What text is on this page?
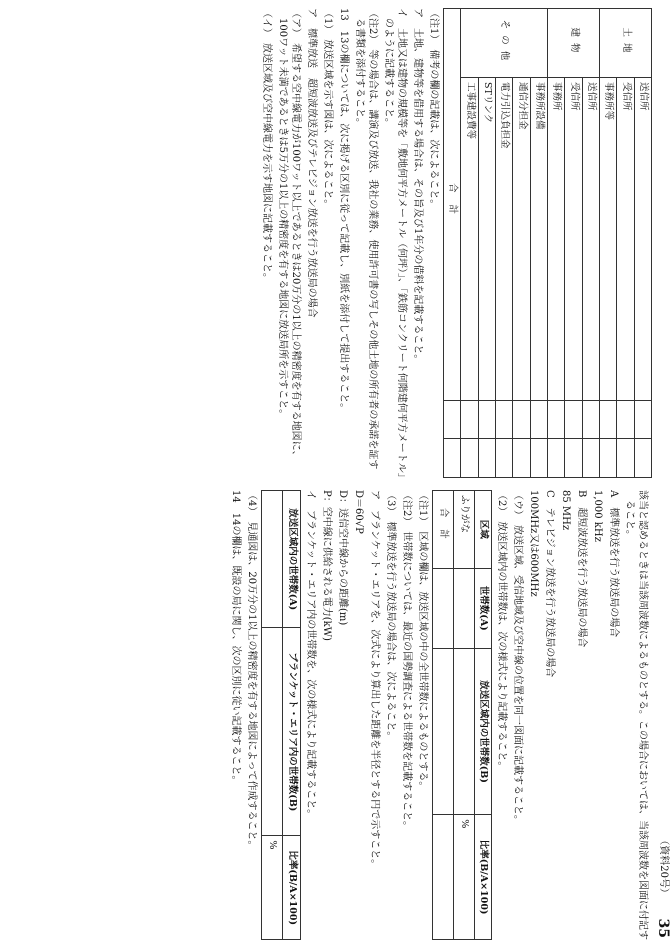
（資料20号）
35
土地	送信所		
	受信所		
	事務所等		
建物	送信所		
	受信所		
	事務所		
その他	事務所設備		
	通信分担金		
	電力引込負担金		
	STリンク		
	工事建設費等		
合計			
（注1）　備考の欄の記載は、次によること。
ア　土地、建物等を借用する場合は、その旨及び1年分の借料を記載すること。
イ　土地又は建物の規模等を「敷地何平方メートル（何坪）」、「鉄筋コンクリート何階建何平方メートル」のように記載すること。
（注2）　等の場合は、講演及び放送、我社の業務、使用許可書の写しその他土地の所有者の承諾を証する書類を添付すること。
13　13の欄については、次に掲げる区別に従って記載し、別紙を添付して提出すること。
（1）　放送区域を示す図は、次によること。
ア　標準放送　超短波放送及びテレビジョン放送を行う放送局の場合
（ア）　希望する空中線電力が100ワット以上であるときは20万分の1以上の精密度を有する地図に、100ワット未満であるときは5万分の1以上の精密度を有する地図に放送局所を示すこと。
（イ）　放送区域及び空中線電力を示す地図に記載すること。
該当と認めるときは当該周波数によるものとする。この場合においては、当該周波数を図面に付記すること。
A　標準放送を行う放送局の場合
1,000 kHz
B　超短波放送を行う放送局の場合
85 MHz
C　テレビジョン放送を行う放送局の場合
100MHz又は600MHz
（ウ）　放送区域、受信地域及び空中線の位置を同一図面に記載すること。
（2）　放送区域内の世帯数は、次の様式により記載すること。
区域	世帯数(A)	放送区域内の世帯数(B)	比率(B/A×100)
ふりがな			%
合計			
（注1）　区域の欄は、放送区域の中の全世帯数によるものとする。
（注2）　世帯数については、最近の国勢調査による世帯数を記載すること。
（3）　標準放送を行う放送局の場合は、次によること。
ア　ブランケット・エリアを、次式により算出した距離を半径とする円で示すこと。
D＝60√P
D：送信空中線からの距離(m)
P：空中線に供給される電力(kW)
イ　ブランケット・エリア内の世帯数を、次の様式により記載すること。
放送区域内の世帯数(A)	ブランケット・エリア内の世帯数(B)	比率(B/A×100)
		%
（4）　見通図は、20万分の1以上の精密度を有する地図によって作成すること。
14　14の欄は、既設の局に関し、次の区別に従い記載すること。
